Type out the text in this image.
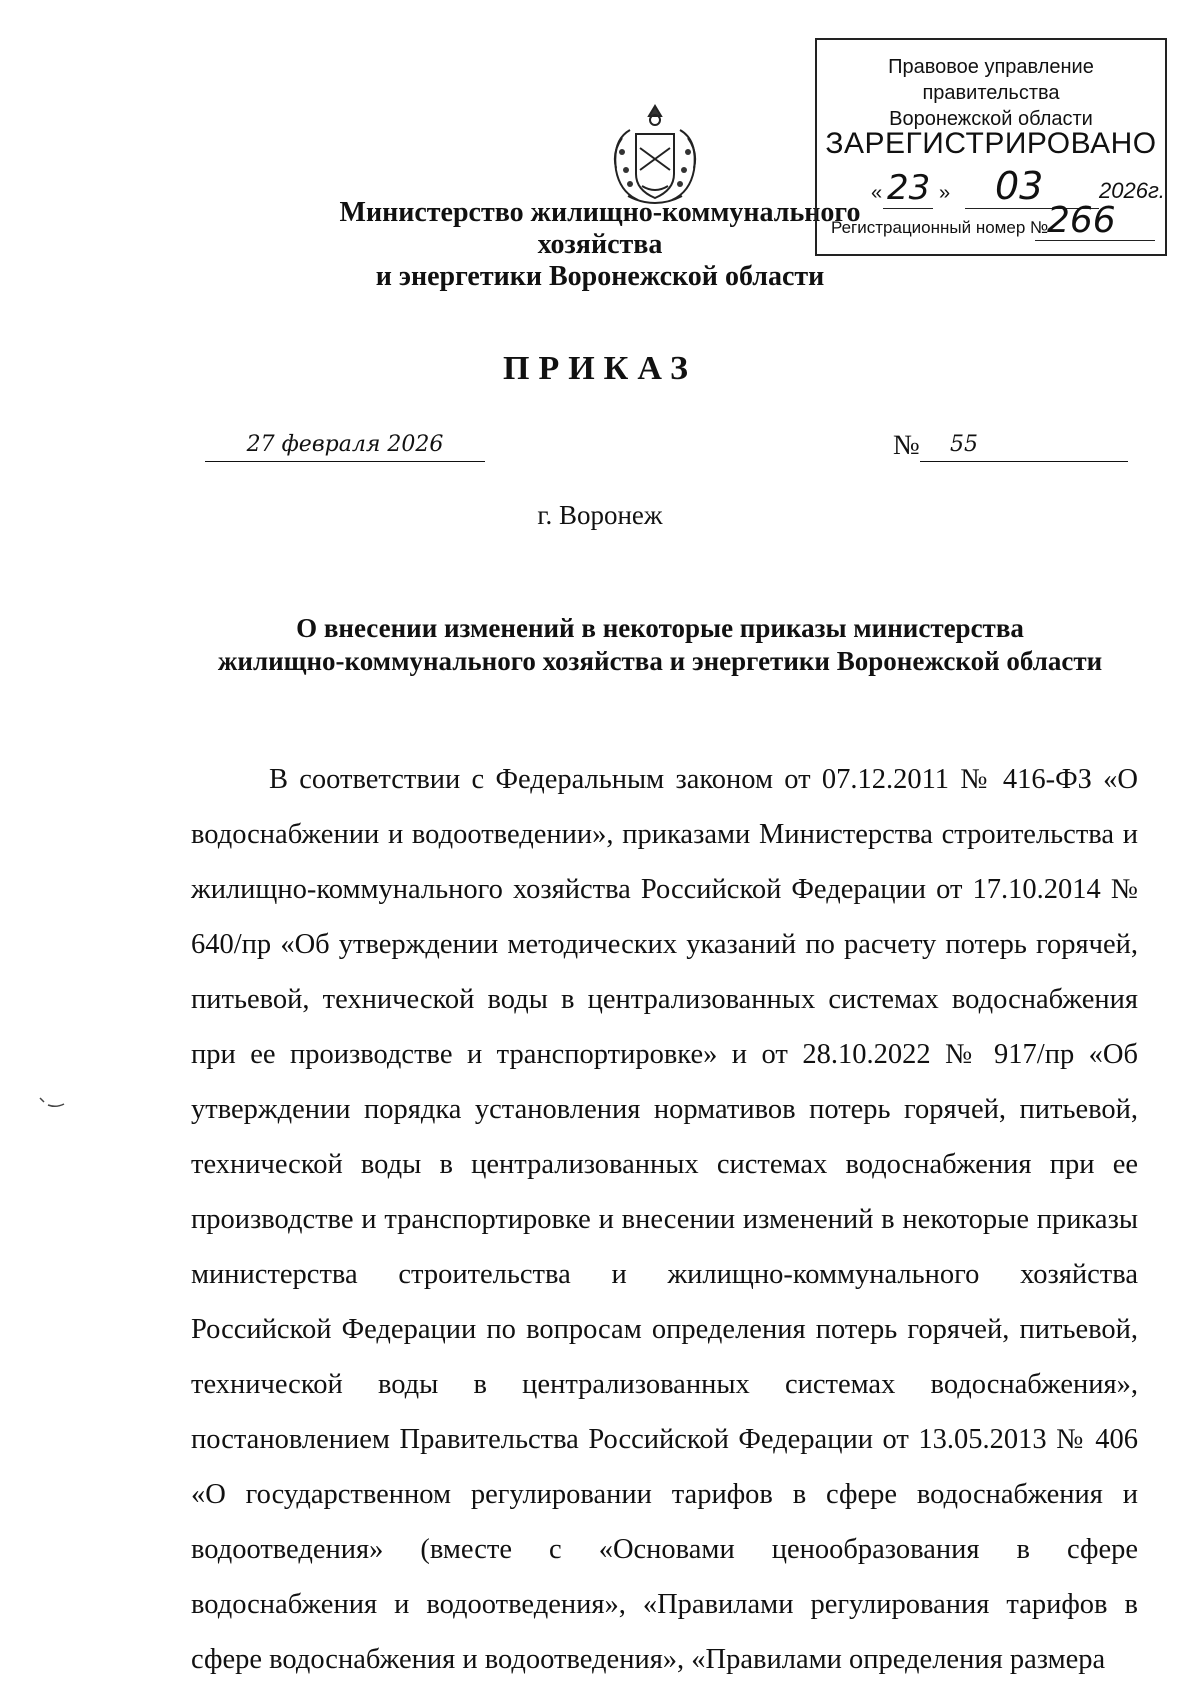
Министерство жилищно-коммунального хозяйства
и энергетики Воронежской области
Правовое управление правительства
Воронежской области
ЗАРЕГИСТРИРОВАНО
« 23 » 03	2026г.
Регистрационный номер №
266
ПРИКАЗ
27 февраля 2026	№	55
г. Воронеж
О внесении изменений в некоторые приказы министерства
жилищно-коммунального хозяйства и энергетики Воронежской области
В соответствии с Федеральным законом от 07.12.2011 № 416-ФЗ «О водоснабжении и водоотведении», приказами Министерства строительства и жилищно-коммунального хозяйства Российской Федерации от 17.10.2014 № 640/пр «Об утверждении методических указаний по расчету потерь горячей, питьевой, технической воды в централизованных системах водоснабжения при ее производстве и транспортировке» и от 28.10.2022 № 917/пр «Об утверждении порядка установления нормативов потерь горячей, питьевой, технической воды в централизованных системах водоснабжения при ее производстве и транспортировке и внесении изменений в некоторые приказы министерства строительства и жилищно-коммунального хозяйства Российской Федерации по вопросам определения потерь горячей, питьевой, технической воды в централизованных системах водоснабжения», постановлением Правительства Российской Федерации от 13.05.2013 № 406 «О государственном регулировании тарифов в сфере водоснабжения и водоотведения» (вместе с «Основами ценообразования в сфере водоснабжения и водоотведения», «Правилами регулирования тарифов в сфере водоснабжения и водоотведения», «Правилами определения размера
